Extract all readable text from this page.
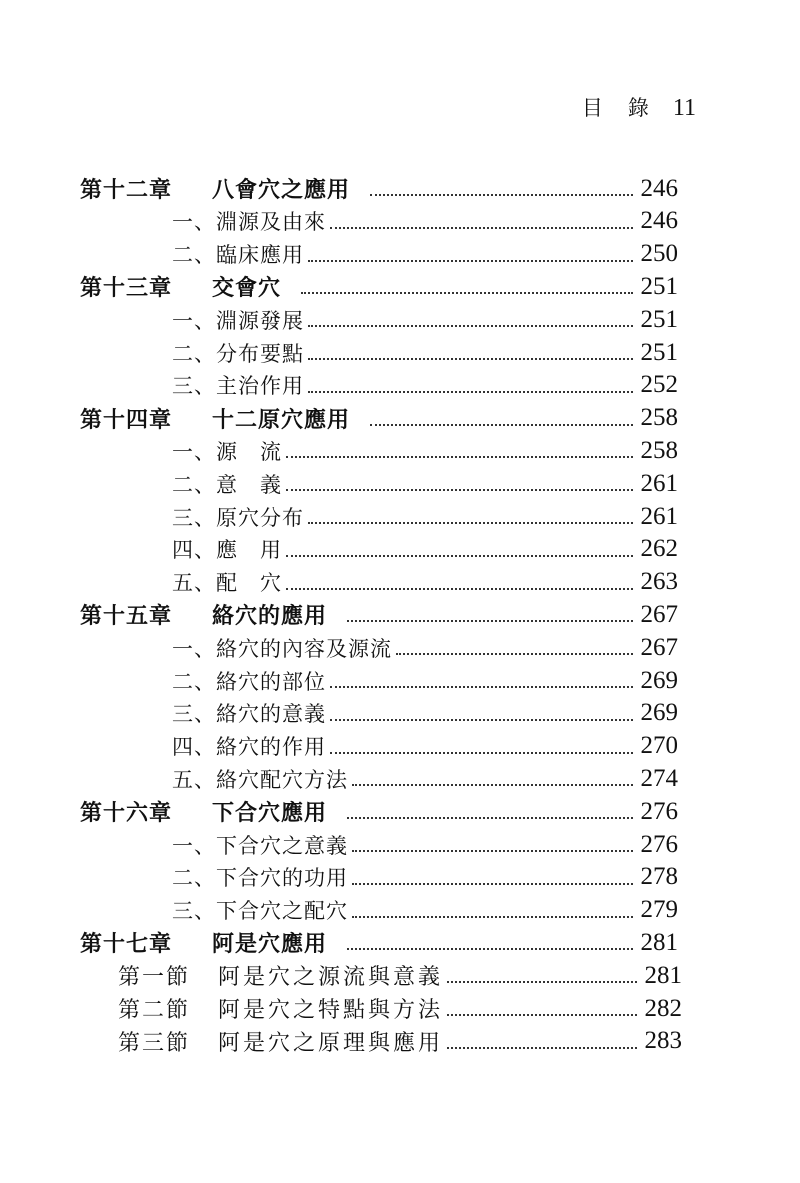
目　錄 11
第十二章 八會穴之應用	246
一、淵源及由來	246
二、臨床應用	250
第十三章 交會穴	251
一、淵源發展	251
二、分布要點	251
三、主治作用	252
第十四章 十二原穴應用	258
一、源　流	258
二、意　義	261
三、原穴分布	261
四、應　用	262
五、配　穴	263
第十五章 絡穴的應用	267
一、絡穴的內容及源流	267
二、絡穴的部位	269
三、絡穴的意義	269
四、絡穴的作用	270
五、絡穴配穴方法	274
第十六章 下合穴應用	276
一、下合穴之意義	276
二、下合穴的功用	278
三、下合穴之配穴	279
第十七章 阿是穴應用	281
第一節 阿是穴之源流與意義	281
第二節 阿是穴之特點與方法	282
第三節 阿是穴之原理與應用	283
